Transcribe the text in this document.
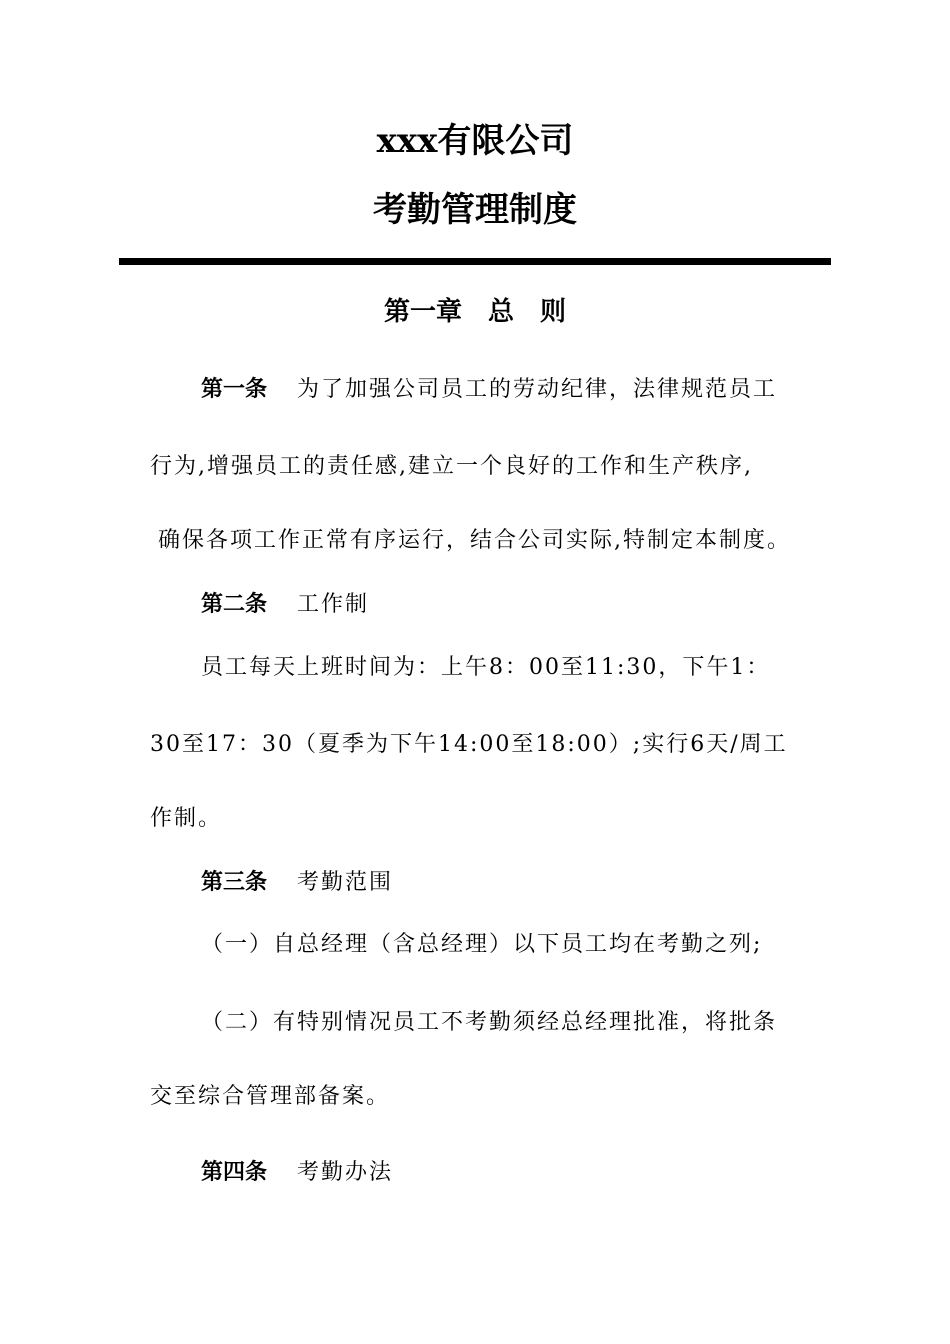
xxx有限公司
考勤管理制度
第一章 总 则
第一条 为了加强公司员工的劳动纪律，法律规范员工
行为,增强员工的责任感,建立一个良好的工作和生产秩序,
确保各项工作正常有序运行，结合公司实际,特制定本制度。
第二条 工作制
员工每天上班时间为：上午8：00至11:30，下午1：
30至17：30（夏季为下午14:00至18:00）;实行6天/周工
作制。
第三条 考勤范围
（一）自总经理（含总经理）以下员工均在考勤之列;
（二）有特别情况员工不考勤须经总经理批准，将批条
交至综合管理部备案。
第四条 考勤办法
